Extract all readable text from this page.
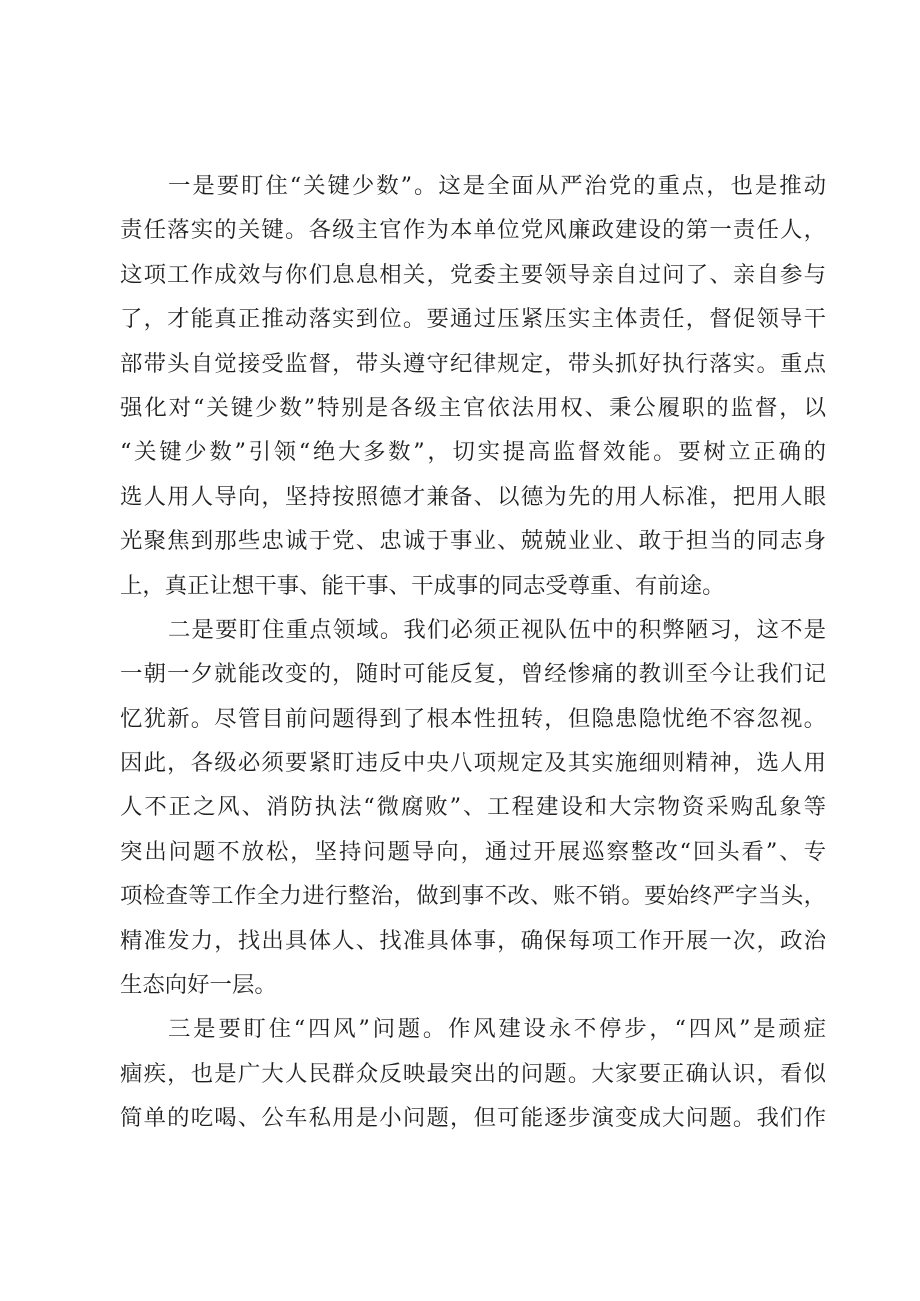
一是要盯住“关键少数”。这是全面从严治党的重点，也是推动
责任落实的关键。各级主官作为本单位党风廉政建设的第一责任人，
这项工作成效与你们息息相关，党委主要领导亲自过问了、亲自参与
了，才能真正推动落实到位。要通过压紧压实主体责任，督促领导干
部带头自觉接受监督，带头遵守纪律规定，带头抓好执行落实。重点
强化对“关键少数”特别是各级主官依法用权、秉公履职的监督，以
“关键少数”引领“绝大多数”，切实提高监督效能。要树立正确的
选人用人导向，坚持按照德才兼备、以德为先的用人标准，把用人眼
光聚焦到那些忠诚于党、忠诚于事业、兢兢业业、敢于担当的同志身
上，真正让想干事、能干事、干成事的同志受尊重、有前途。
二是要盯住重点领域。我们必须正视队伍中的积弊陋习，这不是
一朝一夕就能改变的，随时可能反复，曾经惨痛的教训至今让我们记
忆犹新。尽管目前问题得到了根本性扭转，但隐患隐忧绝不容忽视。
因此，各级必须要紧盯违反中央八项规定及其实施细则精神，选人用
人不正之风、消防执法“微腐败”、工程建设和大宗物资采购乱象等
突出问题不放松，坚持问题导向，通过开展巡察整改“回头看”、专
项检查等工作全力进行整治，做到事不改、账不销。要始终严字当头，
精准发力，找出具体人、找准具体事，确保每项工作开展一次，政治
生态向好一层。
三是要盯住“四风”问题。作风建设永不停步，“四风”是顽症
痼疾，也是广大人民群众反映最突出的问题。大家要正确认识，看似
简单的吃喝、公车私用是小问题，但可能逐步演变成大问题。我们作
